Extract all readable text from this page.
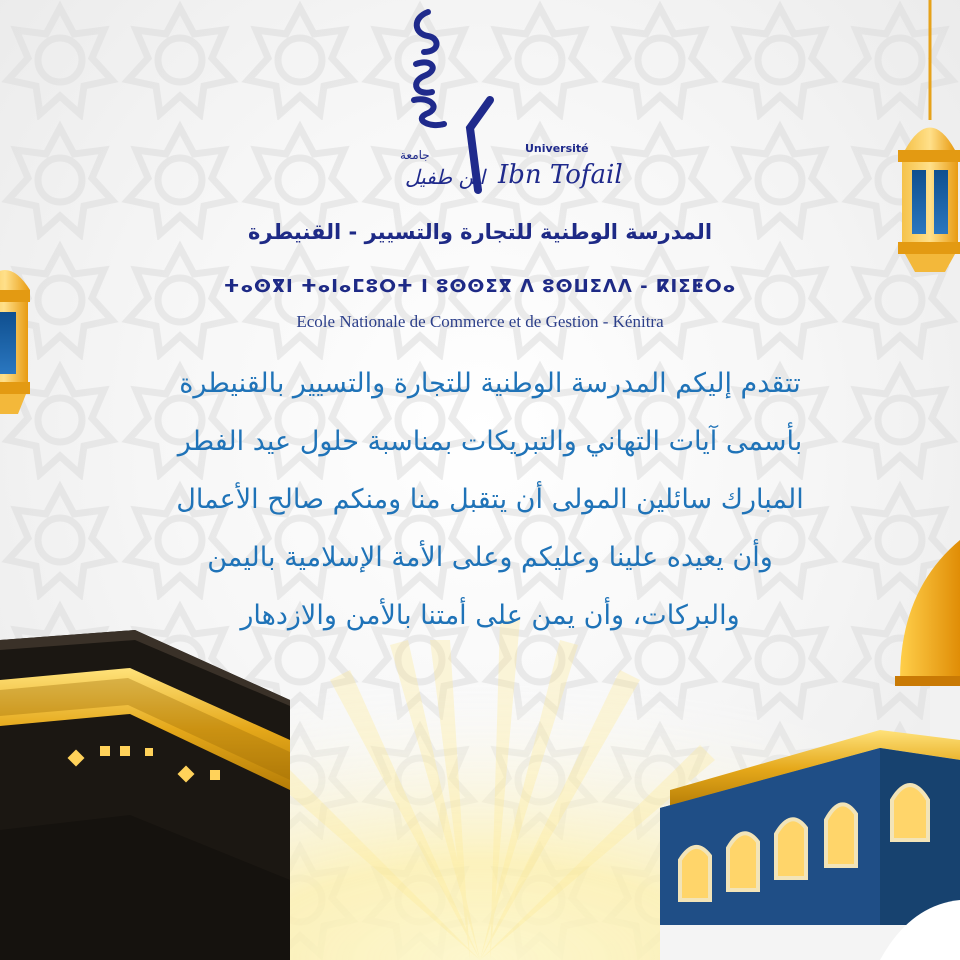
جامعة	Université
Ibn Tofail
ابن طفيل
المدرسة الوطنية للتجارة والتسيير - القنيطرة
ⵜⴰⵙⴳⵏ ⵜⴰⵏⴰⵎⵓⵔⵜ ⵏ ⵓⵙⵙⵉⴳ ⴷ ⵓⵙⵡⵉⴷⴷ - ⴽⵏⵉⵟⵔⴰ
Ecole Nationale de Commerce et de Gestion - Kénitra
تتقدم إليكم المدرسة الوطنية للتجارة والتسيير بالقنيطرة
بأسمى آيات التهاني والتبريكات بمناسبة حلول عيد الفطر
المبارك سائلين المولى أن يتقبل منا ومنكم صالح الأعمال
وأن يعيده علينا وعليكم وعلى الأمة الإسلامية باليمن
والبركات، وأن يمن على أمتنا بالأمن والازدهار
